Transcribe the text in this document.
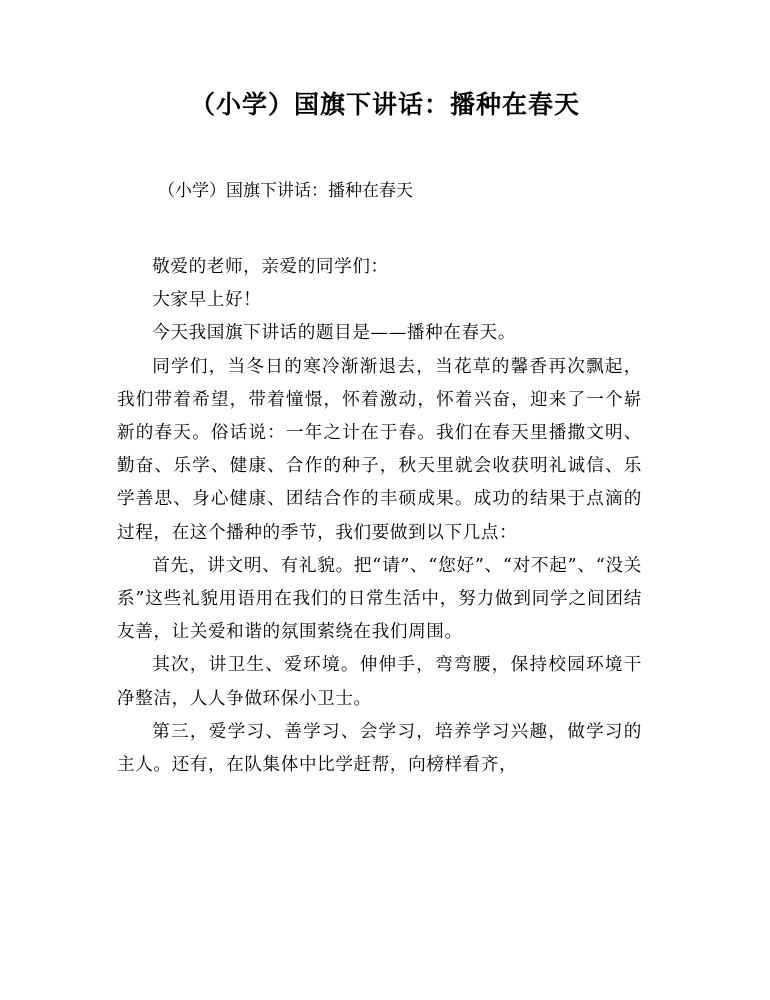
（小学）国旗下讲话：播种在春天

（小学）国旗下讲话：播种在春天

敬爱的老师，亲爱的同学们：

大家早上好！

今天我国旗下讲话的题目是——播种在春天。

同学们，当冬日的寒冷渐渐退去，当花草的馨香再次飘起，我们带着希望，带着憧憬，怀着激动，怀着兴奋，迎来了一个崭新的春天。俗话说：一年之计在于春。我们在春天里播撒文明、勤奋、乐学、健康、合作的种子，秋天里就会收获明礼诚信、乐学善思、身心健康、团结合作的丰硕成果。成功的结果于点滴的过程，在这个播种的季节，我们要做到以下几点：

首先，讲文明、有礼貌。把“请”、“您好”、“对不起”、“没关系”这些礼貌用语用在我们的日常生活中，努力做到同学之间团结友善，让关爱和谐的氛围萦绕在我们周围。

其次，讲卫生、爱环境。伸伸手，弯弯腰，保持校园环境干净整洁，人人争做环保小卫士。

第三，爱学习、善学习、会学习，培养学习兴趣，做学习的主人。还有，在队集体中比学赶帮，向榜样看齐，
